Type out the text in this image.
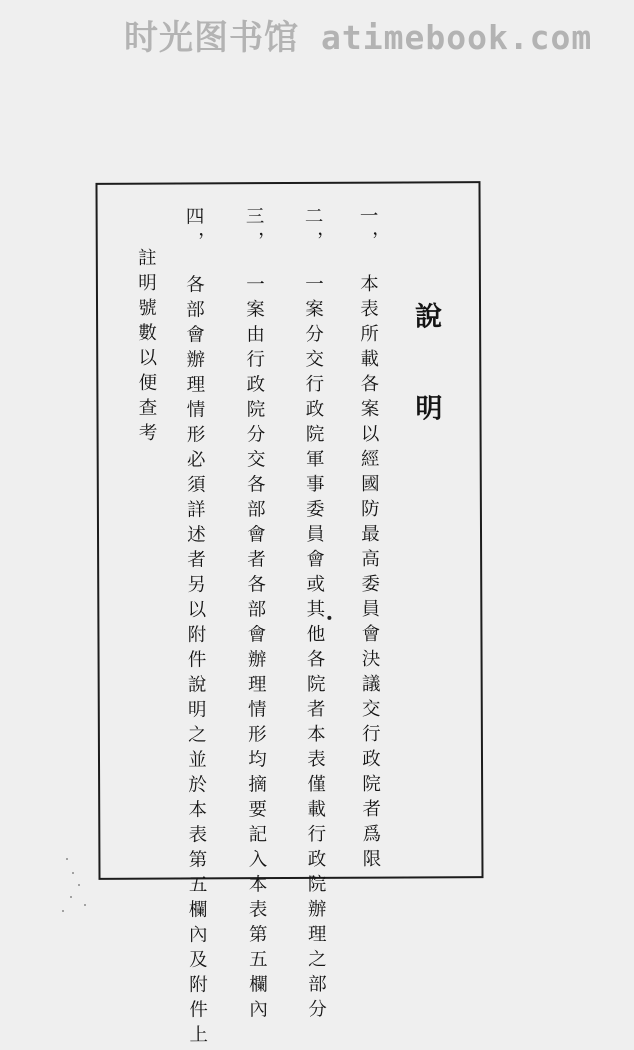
时光图书馆 atimebook.com
說
明
一，本表所載各案以經國防最高委員會決議交行政院者爲限
二，一案分交行政院軍事委員會或其他各院者本表僅載行政院辦理之部分
三，一案由行政院分交各部會者各部會辦理情形均摘要記入本表第五欄內
四，各部會辦理情形必須詳述者另以附件說明之並於本表第五欄內及附件上
註明號數以便查考
